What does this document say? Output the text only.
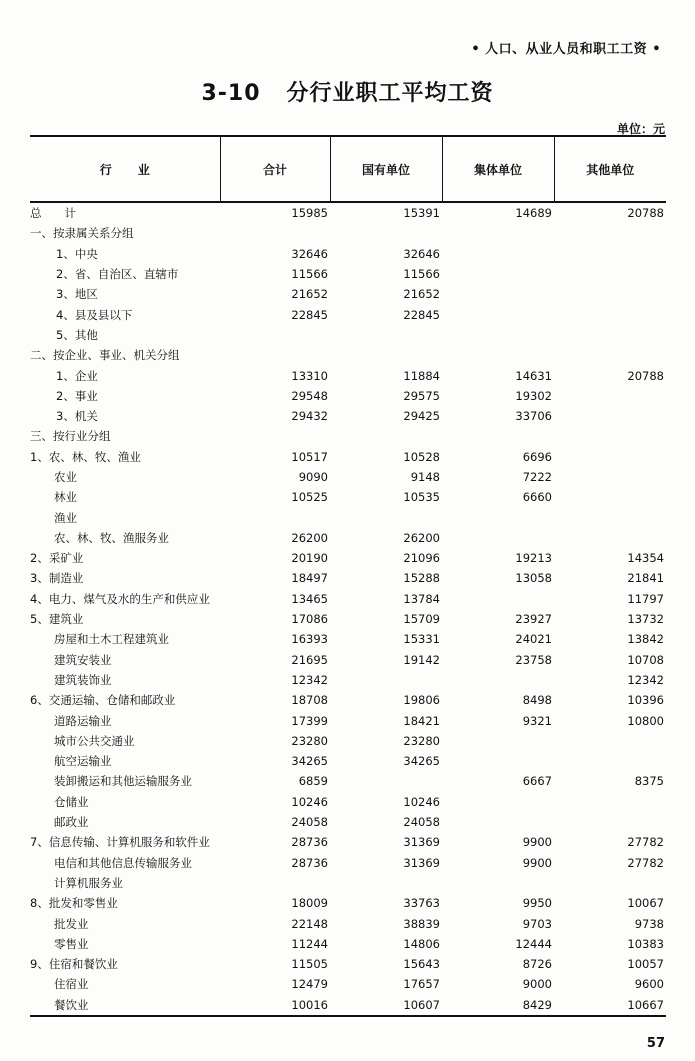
• 人口、从业人员和职工工资 •
3-10 分行业职工平均工资
单位：元
行业	合计	国有单位	集体单位	其他单位
总　　计	15985	15391	14689	20788
一、按隶属关系分组				
1、中央	32646	32646		
2、省、自治区、直辖市	11566	11566		
3、地区	21652	21652		
4、县及县以下	22845	22845		
5、其他				
二、按企业、事业、机关分组				
1、企业	13310	11884	14631	20788
2、事业	29548	29575	19302	
3、机关	29432	29425	33706	
三、按行业分组				
1、农、林、牧、渔业	10517	10528	6696	
农业	9090	9148	7222	
林业	10525	10535	6660	
渔业				
农、林、牧、渔服务业	26200	26200		
2、采矿业	20190	21096	19213	14354
3、制造业	18497	15288	13058	21841
4、电力、煤气及水的生产和供应业	13465	13784		11797
5、建筑业	17086	15709	23927	13732
房屋和土木工程建筑业	16393	15331	24021	13842
建筑安装业	21695	19142	23758	10708
建筑装饰业	12342			12342
6、交通运输、仓储和邮政业	18708	19806	8498	10396
道路运输业	17399	18421	9321	10800
城市公共交通业	23280	23280		
航空运输业	34265	34265		
装卸搬运和其他运输服务业	6859		6667	8375
仓储业	10246	10246		
邮政业	24058	24058		
7、信息传输、计算机服务和软件业	28736	31369	9900	27782
电信和其他信息传输服务业	28736	31369	9900	27782
计算机服务业				
8、批发和零售业	18009	33763	9950	10067
批发业	22148	38839	9703	9738
零售业	11244	14806	12444	10383
9、住宿和餐饮业	11505	15643	8726	10057
住宿业	12479	17657	9000	9600
餐饮业	10016	10607	8429	10667
57
